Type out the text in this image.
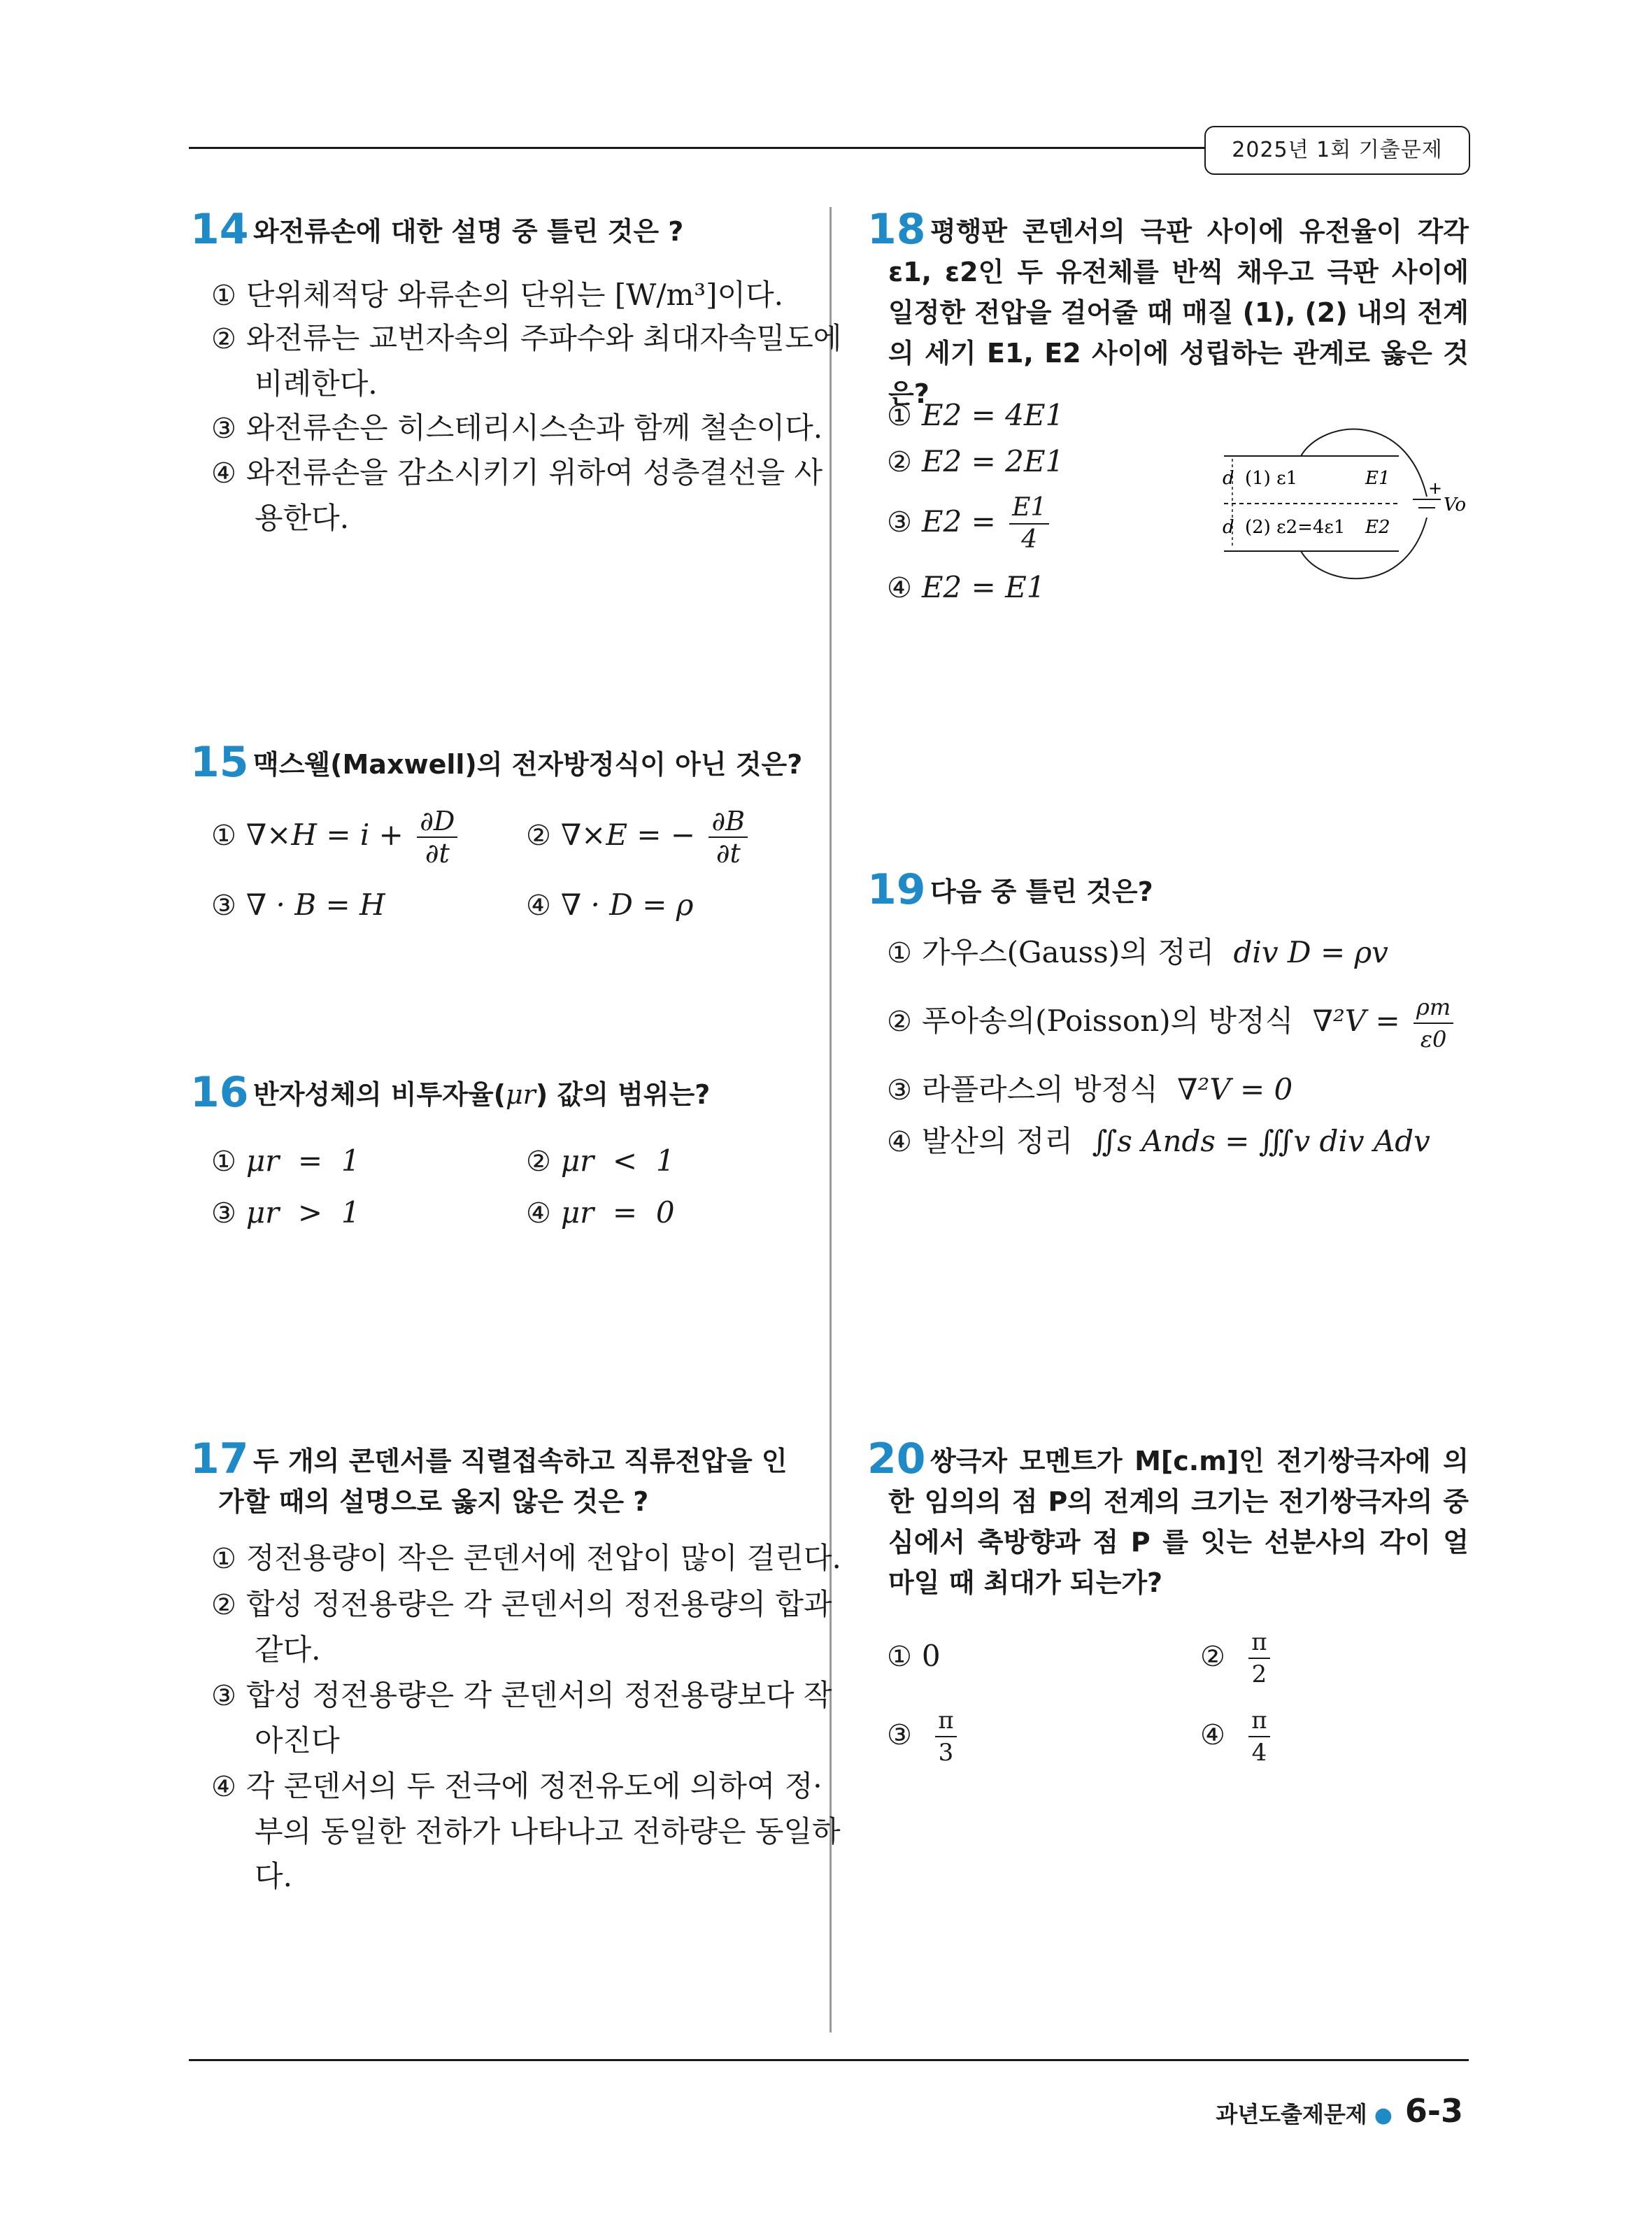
2025년 1회 기출문제
14 와전류손에 대한 설명 중 틀린 것은 ?
① 단위체적당 와류손의 단위는 [W/m³]이다.
② 와전류는 교번자속의 주파수와 최대자속밀도에 비례한다.
③ 와전류손은 히스테리시스손과 함께 철손이다.
④ 와전류손을 감소시키기 위하여 성층결선을 사용한다.
15 맥스웰(Maxwell)의 전자방정식이 아닌 것은?
① $\nabla\times H = i + \frac{\partial D}{\partial t}$ ② ∇×E = − $\frac{\partial B}{\partial t}$
③ ∇ · B = H	④ ∇ · D = ρ
16 반자성체의 비투자율(μr) 값의 범위는?
① μr  =  1	② μr  <  1
③ μr  >  1	④ μr  =  0
17 두 개의 콘덴서를 직렬접속하고 직류전압을 인가할 때의 설명으로 옳지 않은 것은 ?
① 정전용량이 작은 콘덴서에 전압이 많이 걸린다.
② 합성 정전용량은 각 콘덴서의 정전용량의 합과 같다.
③ 합성 정전용량은 각 콘덴서의 정전용량보다 작아진다
④ 각 콘덴서의 두 전극에 정전유도에 의하여 정·부의 동일한 전하가 나타나고 전하량은 동일하다.
18 평행판 콘덴서의 극판 사이에 유전율이 각각 ε1, ε2인 두 유전체를 반씩 채우고 극판 사이에 일정한 전압을 걸어줄 때 매질 (1), (2) 내의 전계의 세기 E1, E2 사이에 성립하는 관계로 옳은 것은?
① E2 = 4E1
② E2 = 2E1
③ $E2 = \frac{E1}{4}$
④ E2 = E1
d
d
(1) ε1
(2) ε2=4ε1
E1
E2
+
Vo
19 다음 중 틀린 것은?
① 가우스(Gauss)의 정리 div D = ρv
② 푸아송의(Poisson)의 방정식 $\nabla^2V = \frac{\rho m}{\varepsilon 0}$
③ 라플라스의 방정식 ∇²V = 0
④ 발산의 정리 ∬s Ands = ∭v div Adv
20 쌍극자 모멘트가 M[c.m]인 전기쌍극자에 의한 임의의 점 P의 전계의 크기는 전기쌍극자의 중심에서 축방향과 점 P 를 잇는 선분사의 각이 얼마일 때 최대가 되는가?
① 0	② $\frac{\pi}{2}$
③ $\frac{\pi}{3}$	④ $\frac{\pi}{4}$
과년도출제문제 ● 6-3
